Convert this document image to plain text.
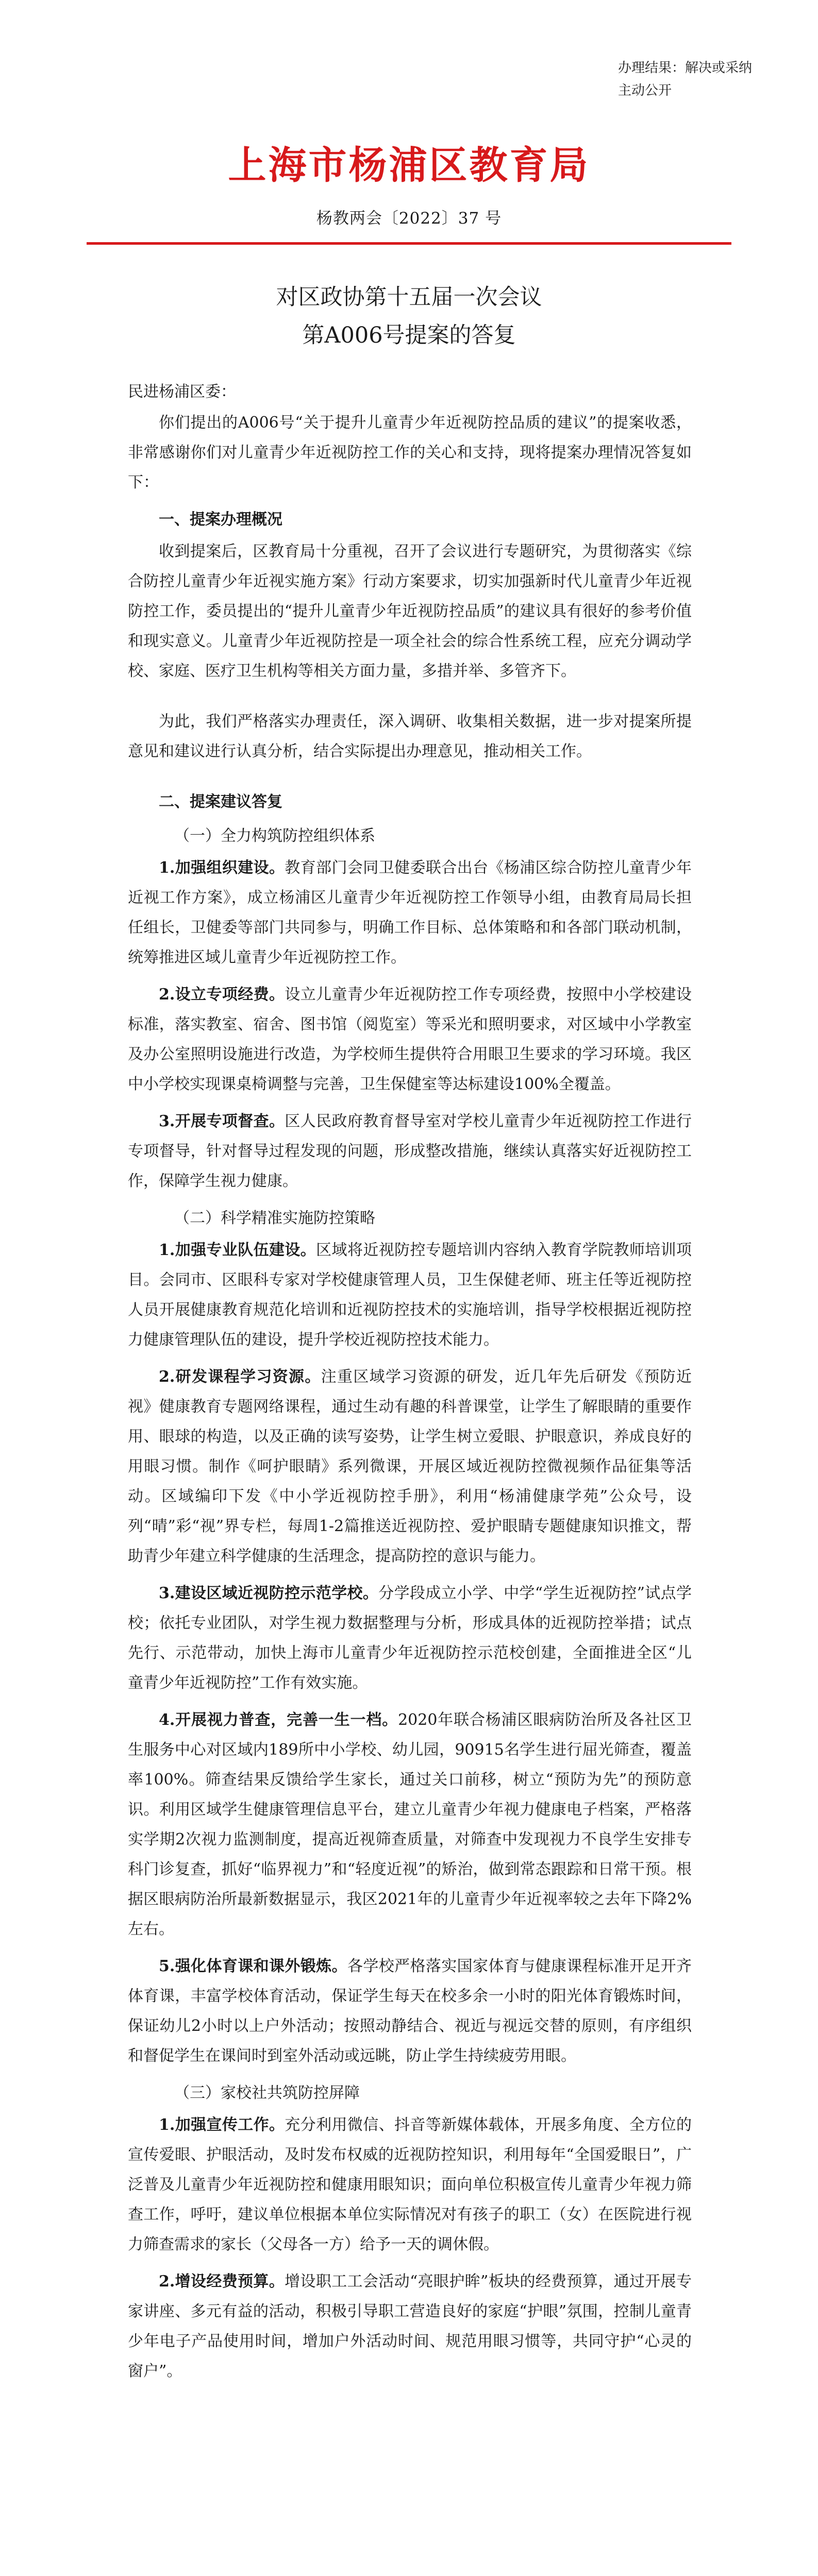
办理结果：解决或采纳
主动公开
上海市杨浦区教育局
杨教两会〔2022〕37 号
对区政协第十五届一次会议
第A006号提案的答复

民进杨浦区委：

你们提出的A006号“关于提升儿童青少年近视防控品质的建议”的提案收悉，非常感谢你们对儿童青少年近视防控工作的关心和支持，现将提案办理情况答复如下：

一、提案办理概况

收到提案后，区教育局十分重视，召开了会议进行专题研究，为贯彻落实《综合防控儿童青少年近视实施方案》行动方案要求，切实加强新时代儿童青少年近视防控工作，委员提出的“提升儿童青少年近视防控品质”的建议具有很好的参考价值和现实意义。儿童青少年近视防控是一项全社会的综合性系统工程，应充分调动学校、家庭、医疗卫生机构等相关方面力量，多措并举、多管齐下。

为此，我们严格落实办理责任，深入调研、收集相关数据，进一步对提案所提意见和建议进行认真分析，结合实际提出办理意见，推动相关工作。

二、提案建议答复

（一）全力构筑防控组织体系

1.加强组织建设。教育部门会同卫健委联合出台《杨浦区综合防控儿童青少年近视工作方案》，成立杨浦区儿童青少年近视防控工作领导小组，由教育局局长担任组长，卫健委等部门共同参与，明确工作目标、总体策略和和各部门联动机制，统筹推进区域儿童青少年近视防控工作。

2.设立专项经费。设立儿童青少年近视防控工作专项经费，按照中小学校建设标准，落实教室、宿舍、图书馆（阅览室）等采光和照明要求，对区域中小学教室及办公室照明设施进行改造，为学校师生提供符合用眼卫生要求的学习环境。我区中小学校实现课桌椅调整与完善，卫生保健室等达标建设100%全覆盖。

3.开展专项督查。区人民政府教育督导室对学校儿童青少年近视防控工作进行专项督导，针对督导过程发现的问题，形成整改措施，继续认真落实好近视防控工作，保障学生视力健康。

（二）科学精准实施防控策略

1.加强专业队伍建设。区域将近视防控专题培训内容纳入教育学院教师培训项目。会同市、区眼科专家对学校健康管理人员，卫生保健老师、班主任等近视防控人员开展健康教育规范化培训和近视防控技术的实施培训，指导学校根据近视防控力健康管理队伍的建设，提升学校近视防控技术能力。

2.研发课程学习资源。注重区域学习资源的研发，近几年先后研发《预防近视》健康教育专题网络课程，通过生动有趣的科普课堂，让学生了解眼睛的重要作用、眼球的构造，以及正确的读写姿势，让学生树立爱眼、护眼意识，养成良好的用眼习惯。制作《呵护眼睛》系列微课，开展区域近视防控微视频作品征集等活动。区域编印下发《中小学近视防控手册》，利用“杨浦健康学苑”公众号，设列“晴”彩“视”界专栏，每周1-2篇推送近视防控、爱护眼睛专题健康知识推文，帮助青少年建立科学健康的生活理念，提高防控的意识与能力。

3.建设区域近视防控示范学校。分学段成立小学、中学“学生近视防控”试点学校；依托专业团队，对学生视力数据整理与分析，形成具体的近视防控举措；试点先行、示范带动，加快上海市儿童青少年近视防控示范校创建，全面推进全区“儿童青少年近视防控”工作有效实施。

4.开展视力普查，完善一生一档。2020年联合杨浦区眼病防治所及各社区卫生服务中心对区域内189所中小学校、幼儿园，90915名学生进行屈光筛查，覆盖率100%。筛查结果反馈给学生家长，通过关口前移，树立“预防为先”的预防意识。利用区域学生健康管理信息平台，建立儿童青少年视力健康电子档案，严格落实学期2次视力监测制度，提高近视筛查质量，对筛查中发现视力不良学生安排专科门诊复查，抓好“临界视力”和“轻度近视”的矫治，做到常态跟踪和日常干预。根据区眼病防治所最新数据显示，我区2021年的儿童青少年近视率较之去年下降2%左右。

5.强化体育课和课外锻炼。各学校严格落实国家体育与健康课程标准开足开齐体育课，丰富学校体育活动，保证学生每天在校多余一小时的阳光体育锻炼时间，保证幼儿2小时以上户外活动；按照动静结合、视近与视远交替的原则，有序组织和督促学生在课间时到室外活动或远眺，防止学生持续疲劳用眼。

（三）家校社共筑防控屏障

1.加强宣传工作。充分利用微信、抖音等新媒体载体，开展多角度、全方位的宣传爱眼、护眼活动，及时发布权威的近视防控知识，利用每年“全国爱眼日”，广泛普及儿童青少年近视防控和健康用眼知识；面向单位积极宣传儿童青少年视力筛查工作，呼吁，建议单位根据本单位实际情况对有孩子的职工（女）在医院进行视力筛查需求的家长（父母各一方）给予一天的调休假。

2.增设经费预算。增设职工工会活动“亮眼护眸”板块的经费预算，通过开展专家讲座、多元有益的活动，积极引导职工营造良好的家庭“护眼”氛围，控制儿童青少年电子产品使用时间，增加户外活动时间、规范用眼习惯等，共同守护“心灵的窗户”。
